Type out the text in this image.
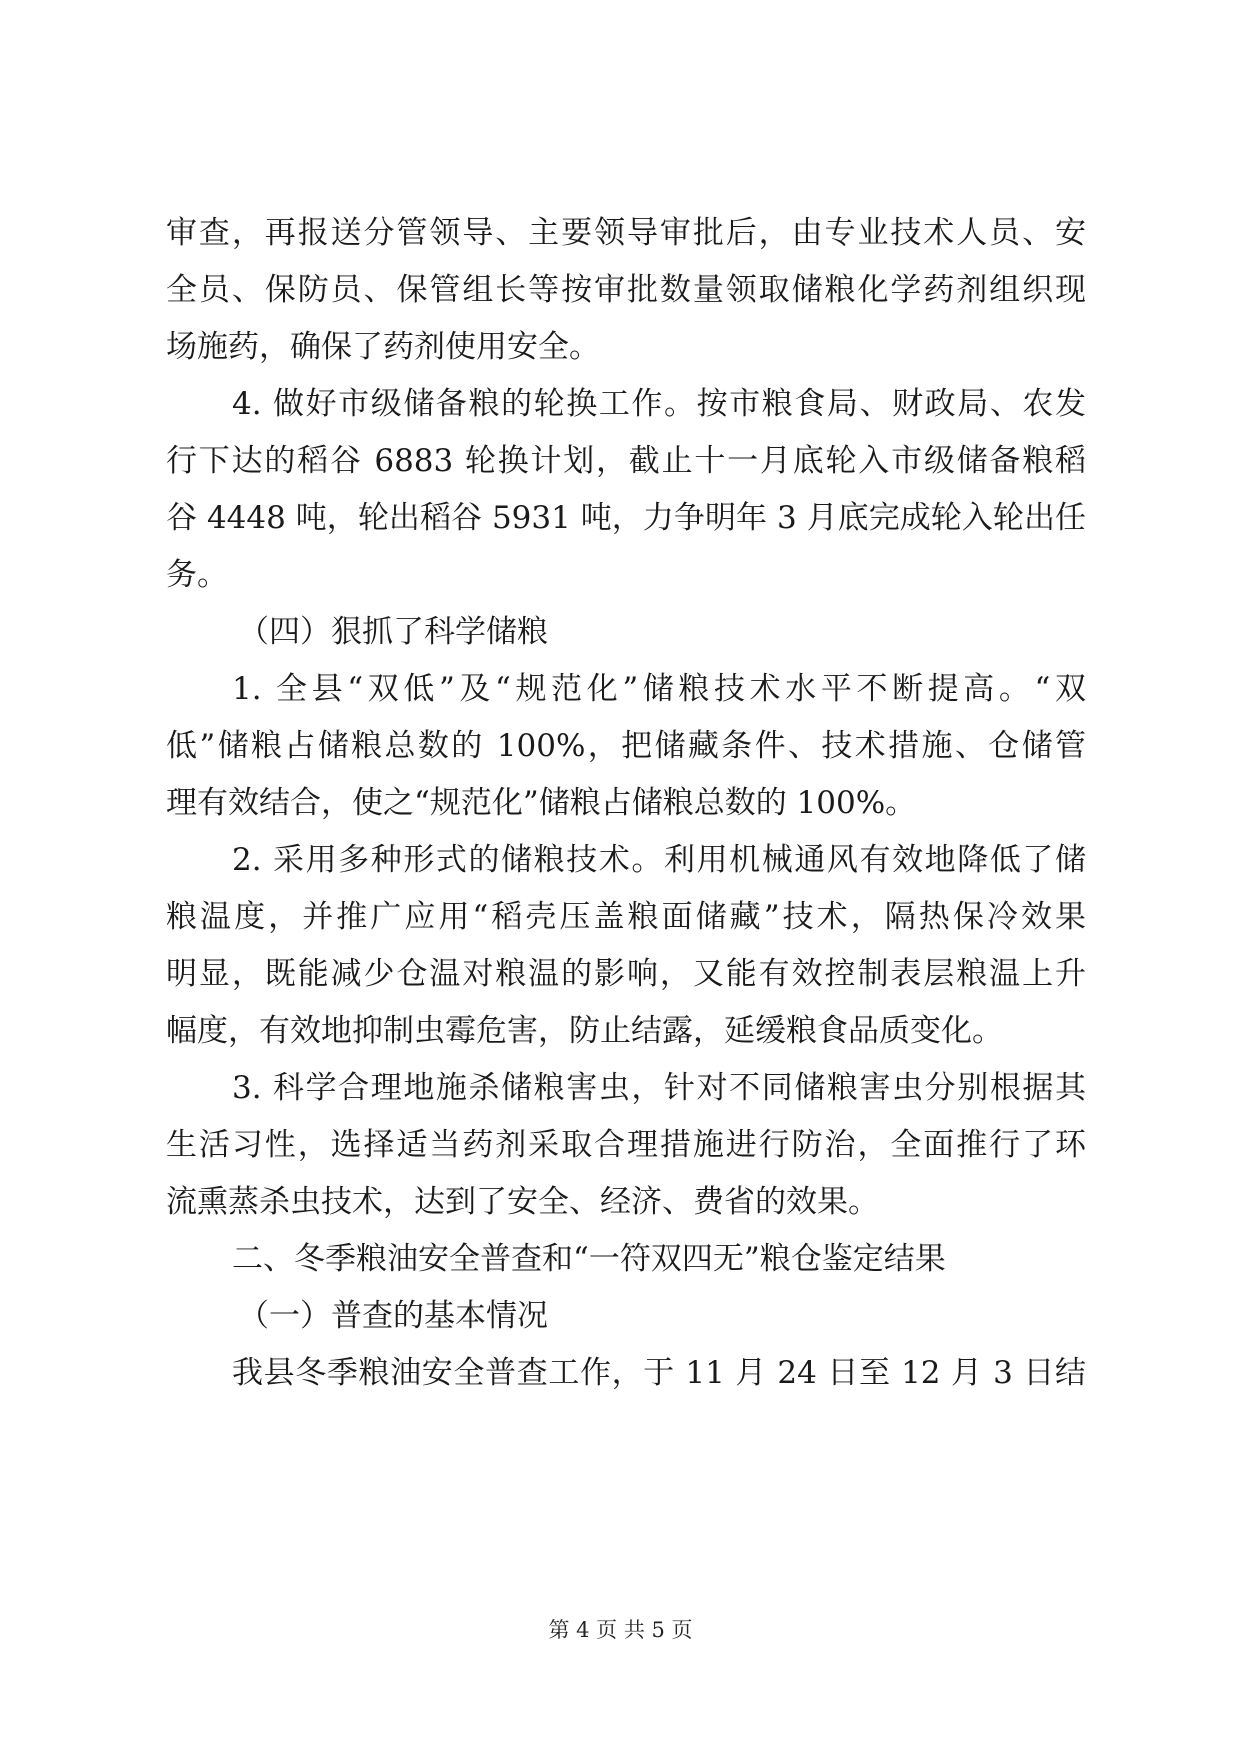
审查，再报送分管领导、主要领导审批后，由专业技术人员、安
全员、保防员、保管组长等按审批数量领取储粮化学药剂组织现
场施药，确保了药剂使用安全。
4. 做好市级储备粮的轮换工作。按市粮食局、财政局、农发
行下达的稻谷 6883 轮换计划，截止十一月底轮入市级储备粮稻
谷 4448 吨，轮出稻谷 5931 吨，力争明年 3 月底完成轮入轮出任
务。
（四）狠抓了科学储粮
1. 全县“双低”及“规范化”储粮技术水平不断提高。“双
低”储粮占储粮总数的 100%，把储藏条件、技术措施、仓储管
理有效结合，使之“规范化”储粮占储粮总数的 100%。
2. 采用多种形式的储粮技术。利用机械通风有效地降低了储
粮温度，并推广应用“稻壳压盖粮面储藏”技术，隔热保冷效果
明显，既能减少仓温对粮温的影响，又能有效控制表层粮温上升
幅度，有效地抑制虫霉危害，防止结露，延缓粮食品质变化。
3. 科学合理地施杀储粮害虫，针对不同储粮害虫分别根据其
生活习性，选择适当药剂采取合理措施进行防治，全面推行了环
流熏蒸杀虫技术，达到了安全、经济、费省的效果。
二、冬季粮油安全普查和“一符双四无”粮仓鉴定结果
（一）普查的基本情况
我县冬季粮油安全普查工作，于 11 月 24 日至 12 月 3 日结
第 4 页 共 5 页
